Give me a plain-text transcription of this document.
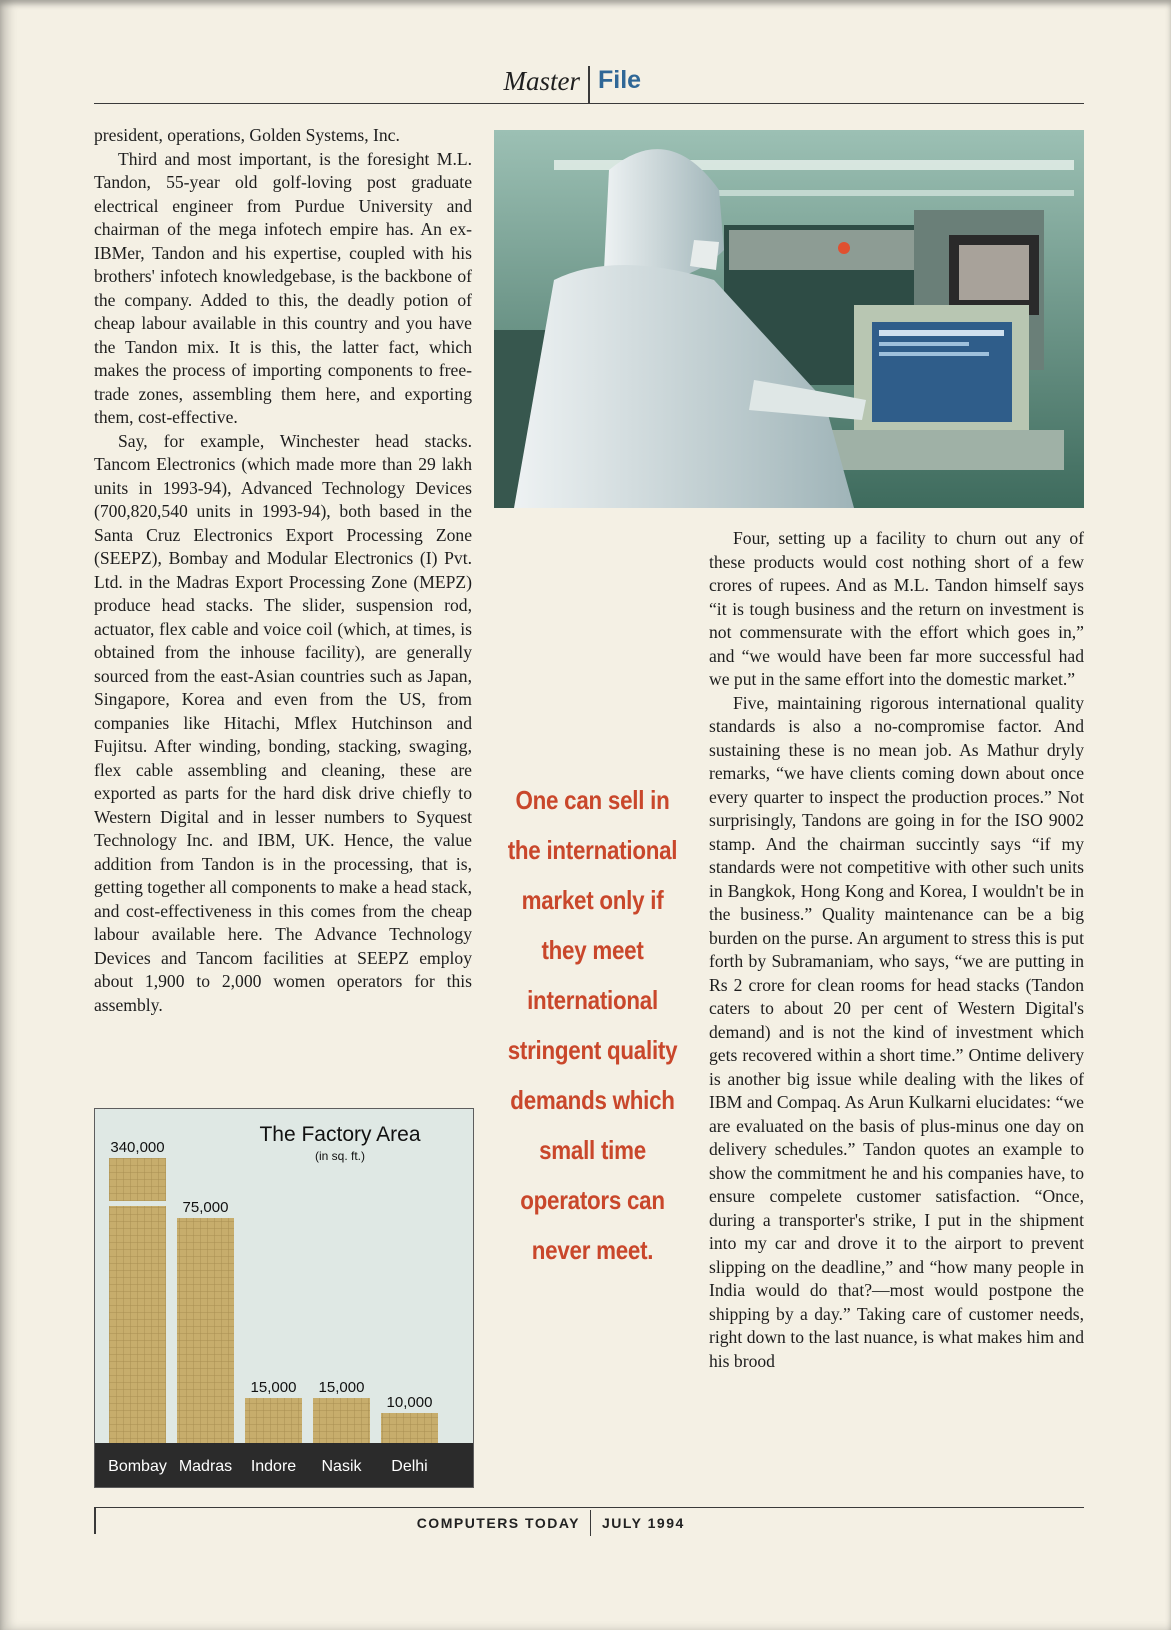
Master File

president, operations, Golden Systems, Inc.

Third and most important, is the foresight M.L. Tandon, 55-year old golf-loving post graduate electrical engineer from Purdue University and chairman of the mega infotech empire has. An ex-IBMer, Tandon and his expertise, coupled with his brothers' infotech knowledgebase, is the backbone of the company. Added to this, the deadly potion of cheap labour available in this country and you have the Tandon mix. It is this, the latter fact, which makes the process of importing components to free-trade zones, assembling them here, and exporting them, cost-effective.

Say, for example, Winchester head stacks. Tancom Electronics (which made more than 29 lakh units in 1993-94), Advanced Technology Devices (700,820,540 units in 1993-94), both based in the Santa Cruz Electronics Export Processing Zone (SEEPZ), Bombay and Modular Electronics (I) Pvt. Ltd. in the Madras Export Processing Zone (MEPZ) produce head stacks. The slider, suspension rod, actuator, flex cable and voice coil (which, at times, is obtained from the inhouse facility), are generally sourced from the east-Asian countries such as Japan, Singapore, Korea and even from the US, from companies like Hitachi, Mflex Hutchinson and Fujitsu. After winding, bonding, stacking, swaging, flex cable assembling and cleaning, these are exported as parts for the hard disk drive chiefly to Western Digital and in lesser numbers to Syquest Technology Inc. and IBM, UK. Hence, the value addition from Tandon is in the processing, that is, getting together all components to make a head stack, and cost-effectiveness in this comes from the cheap labour available here. The Advance Technology Devices and Tancom facilities at SEEPZ employ about 1,900 to 2,000 women operators for this assembly.

One can sell in
the international
market only if
they meet
international
stringent quality
demands which
small time
operators can
never meet.

Four, setting up a facility to churn out any of these products would cost nothing short of a few crores of rupees. And as M.L. Tandon himself says “it is tough business and the return on investment is not commensurate with the effort which goes in,” and “we would have been far more successful had we put in the same effort into the domestic market.”

Five, maintaining rigorous international quality standards is also a no-compromise factor. And sustaining these is no mean job. As Mathur dryly remarks, “we have clients coming down about once every quarter to inspect the production proces.” Not surprisingly, Tandons are going in for the ISO 9002 stamp. And the chairman succintly says “if my standards were not competitive with other such units in Bangkok, Hong Kong and Korea, I wouldn't be in the business.” Quality maintenance can be a big burden on the purse. An argument to stress this is put forth by Subramaniam, who says, “we are putting in Rs 2 crore for clean rooms for head stacks (Tandon caters to about 20 per cent of Western Digital's demand) and is not the kind of investment which gets recovered within a short time.” Ontime delivery is another big issue while dealing with the likes of IBM and Compaq. As Arun Kulkarni elucidates: “we are evaluated on the basis of plus-minus one day on delivery schedules.” Tandon quotes an example to show the commitment he and his companies have, to ensure compelete customer satisfaction. “Once, during a transporter's strike, I put in the shipment into my car and drove it to the airport to prevent slipping on the deadline,” and “how many people in India would do that?—most would postpone the shipping by a day.” Taking care of customer needs, right down to the last nuance, is what makes him and his brood

340,000
Bombay
75,000
Madras
15,000
Indore
15,000
Nasik
10,000
Delhi
The Factory Area
(in sq. ft.)
COMPUTERS TODAY JULY 1994
